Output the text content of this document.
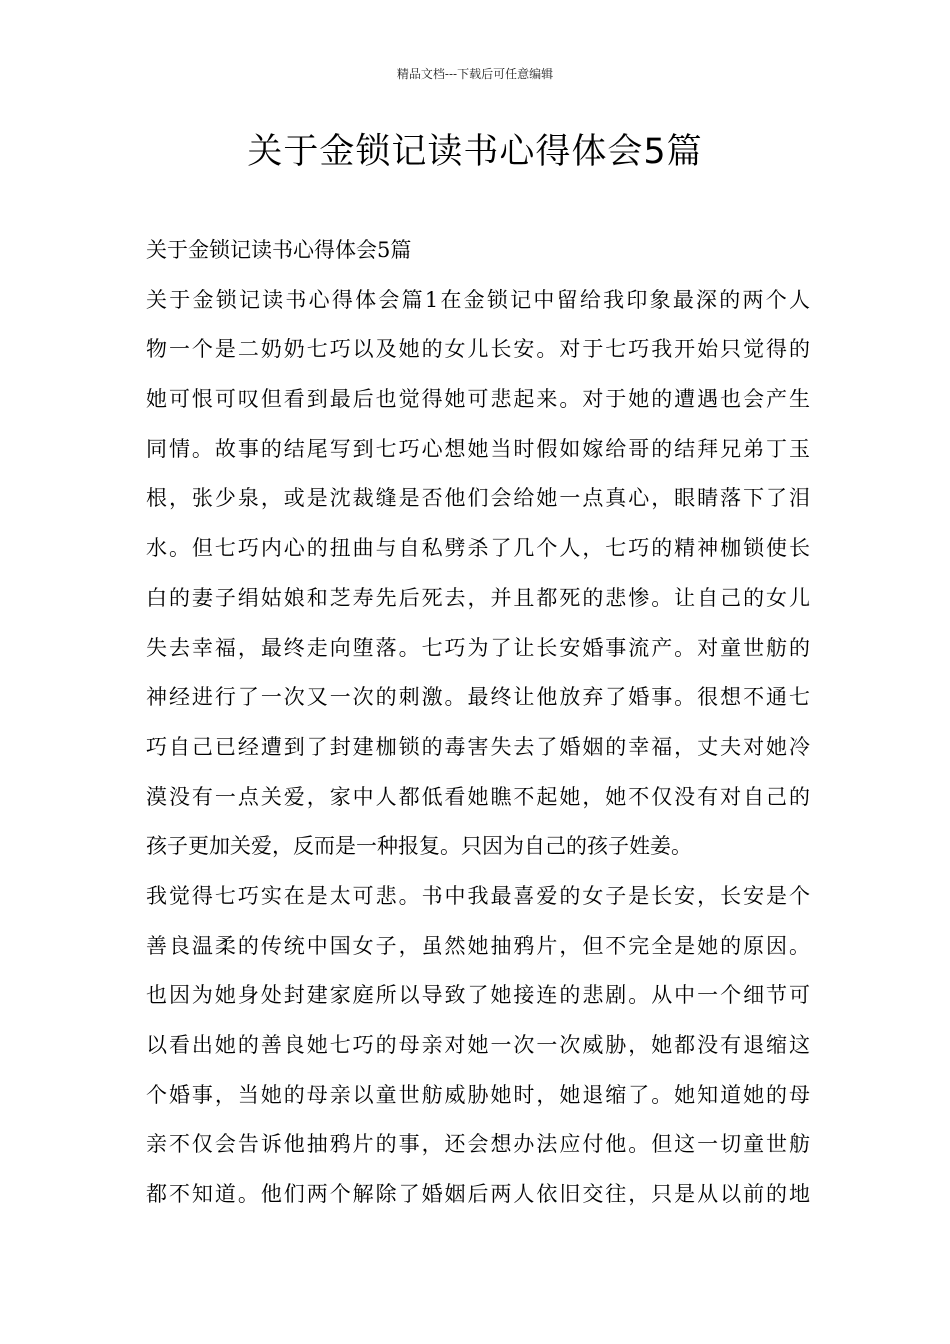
精品文档---下载后可任意编辑
关于金锁记读书心得体会5篇
关于金锁记读书心得体会5篇
关于金锁记读书心得体会篇1在金锁记中留给我印象最深的两个人
物一个是二奶奶七巧以及她的女儿长安。对于七巧我开始只觉得的
她可恨可叹但看到最后也觉得她可悲起来。对于她的遭遇也会产生
同情。故事的结尾写到七巧心想她当时假如嫁给哥的结拜兄弟丁玉
根，张少泉，或是沈裁缝是否他们会给她一点真心，眼睛落下了泪
水。但七巧内心的扭曲与自私劈杀了几个人，七巧的精神枷锁使长
白的妻子绢姑娘和芝寿先后死去，并且都死的悲惨。让自己的女儿
失去幸福，最终走向堕落。七巧为了让长安婚事流产。对童世舫的
神经进行了一次又一次的刺激。最终让他放弃了婚事。很想不通七
巧自己已经遭到了封建枷锁的毒害失去了婚姻的幸福，丈夫对她冷
漠没有一点关爱，家中人都低看她瞧不起她，她不仅没有对自己的
孩子更加关爱，反而是一种报复。只因为自己的孩子姓姜。
我觉得七巧实在是太可悲。书中我最喜爱的女子是长安，长安是个
善良温柔的传统中国女子，虽然她抽鸦片，但不完全是她的原因。
也因为她身处封建家庭所以导致了她接连的悲剧。从中一个细节可
以看出她的善良她七巧的母亲对她一次一次威胁，她都没有退缩这
个婚事，当她的母亲以童世舫威胁她时，她退缩了。她知道她的母
亲不仅会告诉他抽鸦片的事，还会想办法应付他。但这一切童世舫
都不知道。他们两个解除了婚姻后两人依旧交往，只是从以前的地
